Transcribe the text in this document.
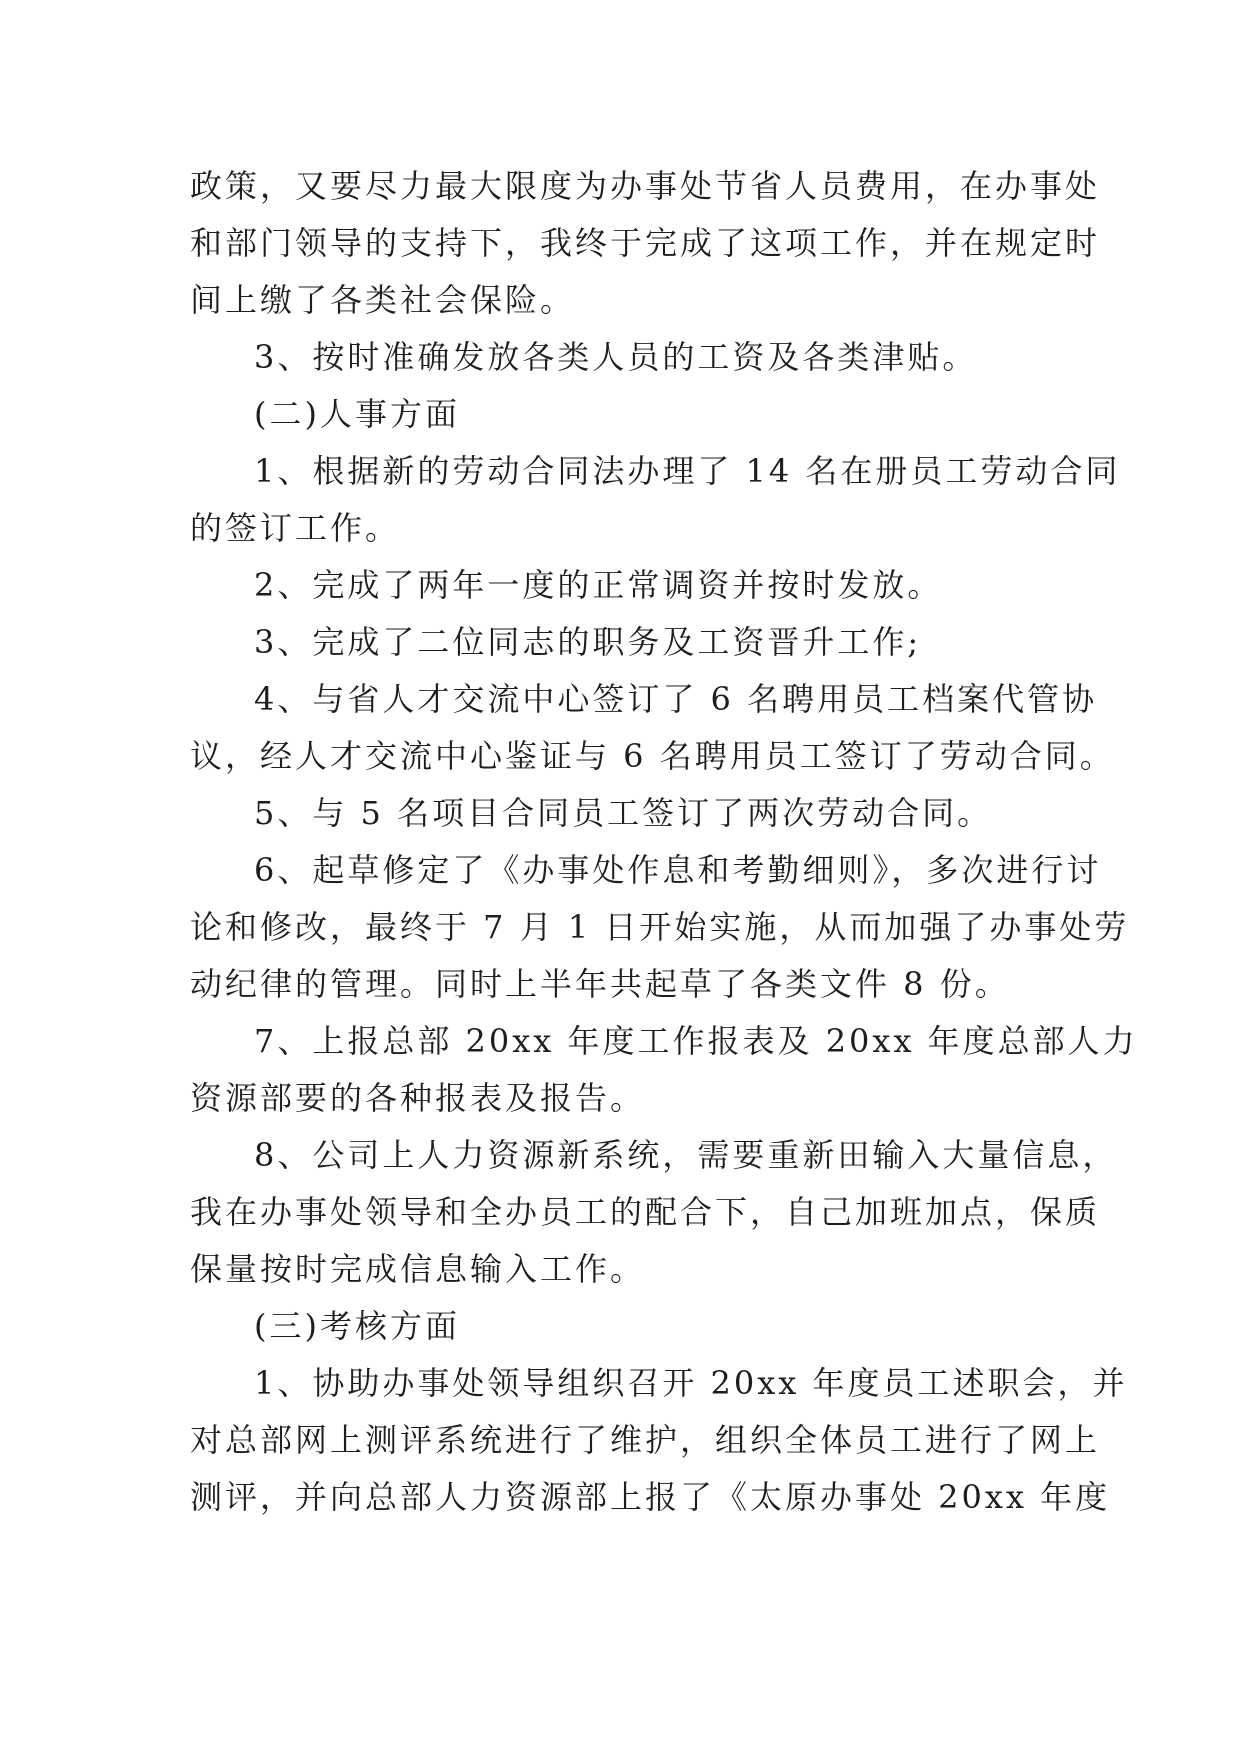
政策，又要尽力最大限度为办事处节省人员费用，在办事处

和部门领导的支持下，我终于完成了这项工作，并在规定时

间上缴了各类社会保险。

3、按时准确发放各类人员的工资及各类津贴。

(二)人事方面

1、根据新的劳动合同法办理了 14 名在册员工劳动合同

的签订工作。

2、完成了两年一度的正常调资并按时发放。

3、完成了二位同志的职务及工资晋升工作;

4、与省人才交流中心签订了 6 名聘用员工档案代管协

议，经人才交流中心鉴证与 6 名聘用员工签订了劳动合同。

5、与 5 名项目合同员工签订了两次劳动合同。

6、起草修定了《办事处作息和考勤细则》，多次进行讨

论和修改，最终于 7 月 1 日开始实施，从而加强了办事处劳

动纪律的管理。同时上半年共起草了各类文件 8 份。

7、上报总部 20xx 年度工作报表及 20xx 年度总部人力

资源部要的各种报表及报告。

8、公司上人力资源新系统，需要重新田输入大量信息，

我在办事处领导和全办员工的配合下，自己加班加点，保质

保量按时完成信息输入工作。

(三)考核方面

1、协助办事处领导组织召开 20xx 年度员工述职会，并

对总部网上测评系统进行了维护，组织全体员工进行了网上

测评，并向总部人力资源部上报了《太原办事处 20xx 年度
